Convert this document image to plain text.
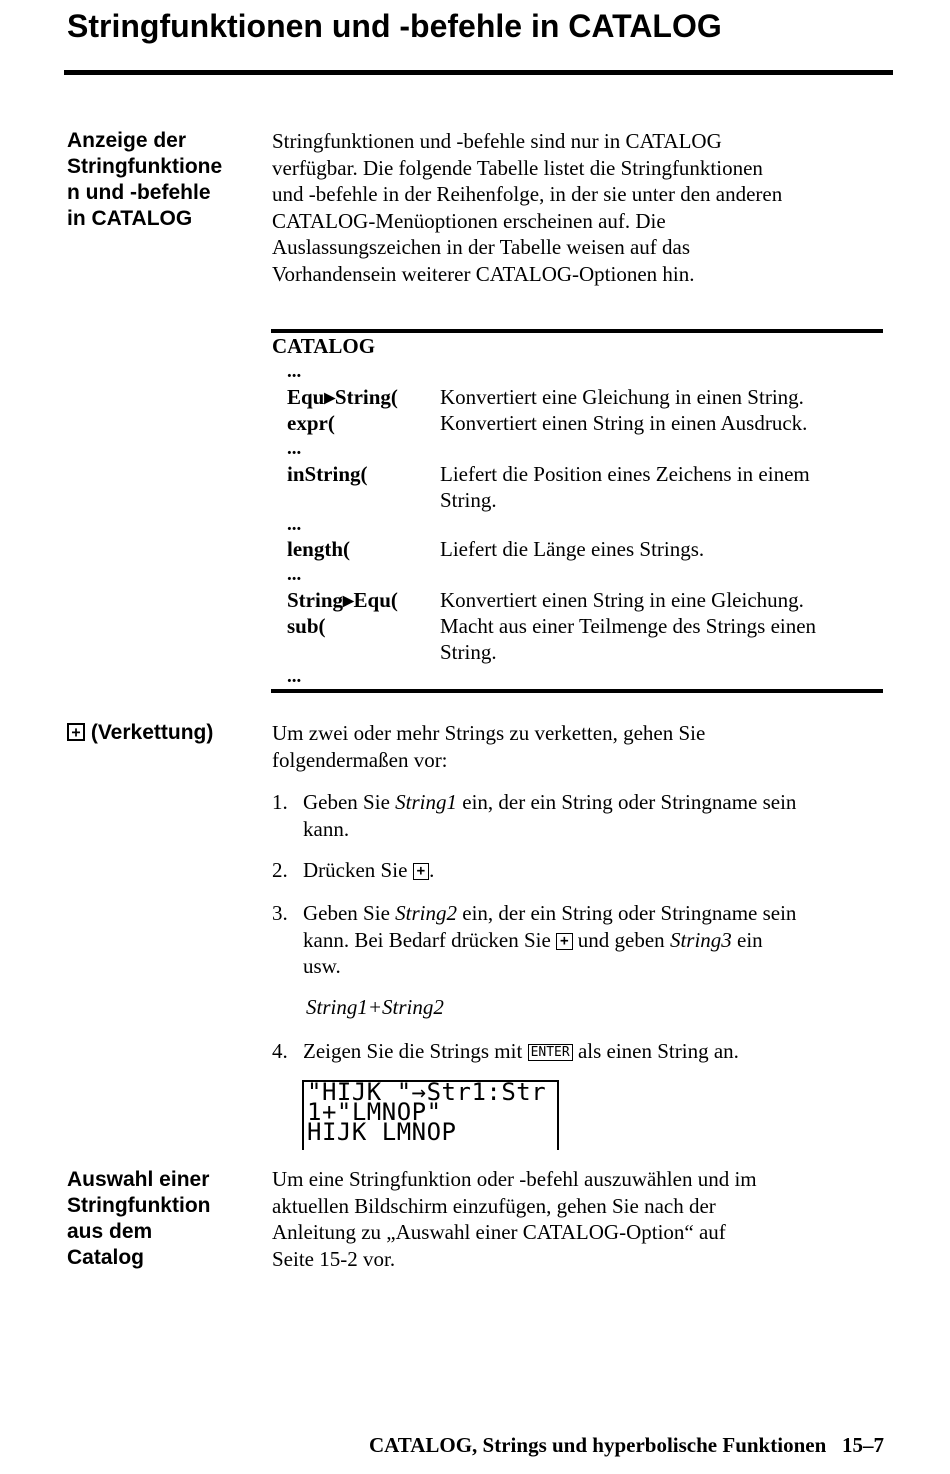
Stringfunktionen und -befehle in CATALOG
Anzeige der
Stringfunktione
n und -befehle
in CATALOG
Stringfunktionen und -befehle sind nur in CATALOG
verfügbar. Die folgende Tabelle listet die Stringfunktionen
und -befehle in der Reihenfolge, in der sie unter den anderen
CATALOG-Menüoptionen erscheinen auf. Die
Auslassungszeichen in der Tabelle weisen auf das
Vorhandensein weiterer CATALOG-Optionen hin.
CATALOG
...
Equ▸String( Konvertiert eine Gleichung in einen String.
expr(	Konvertiert einen String in einen Ausdruck.
...
inString(	Liefert die Position eines Zeichens in einem
String.
...
length(	Liefert die Länge eines Strings.
...
String▸Equ( Konvertiert einen String in eine Gleichung.
sub(	Macht aus einer Teilmenge des Strings einen
String.
...
+ (Verkettung)	Um zwei oder mehr Strings zu verketten, gehen Sie
folgendermaßen vor:
1. Geben Sie String1 ein, der ein String oder Stringname sein
kann.
2. Drücken Sie + .
3. Geben Sie String2 ein, der ein String oder Stringname sein
kann. Bei Bedarf drücken Sie + und geben String3 ein
usw.
String1+String2
4. Zeigen Sie die Strings mit ENTER als einen String an.
"HIJK "→Str1:Str
1+"LMNOP"
HIJK LMNOP
Auswahl einer
Stringfunktion
aus dem
Catalog
Um eine Stringfunktion oder -befehl auszuwählen und im
aktuellen Bildschirm einzufügen, gehen Sie nach der
Anleitung zu „Auswahl einer CATALOG-Option“ auf
Seite 15-2 vor.
CATALOG, Strings und hyperbolische Funktionen 15–7
